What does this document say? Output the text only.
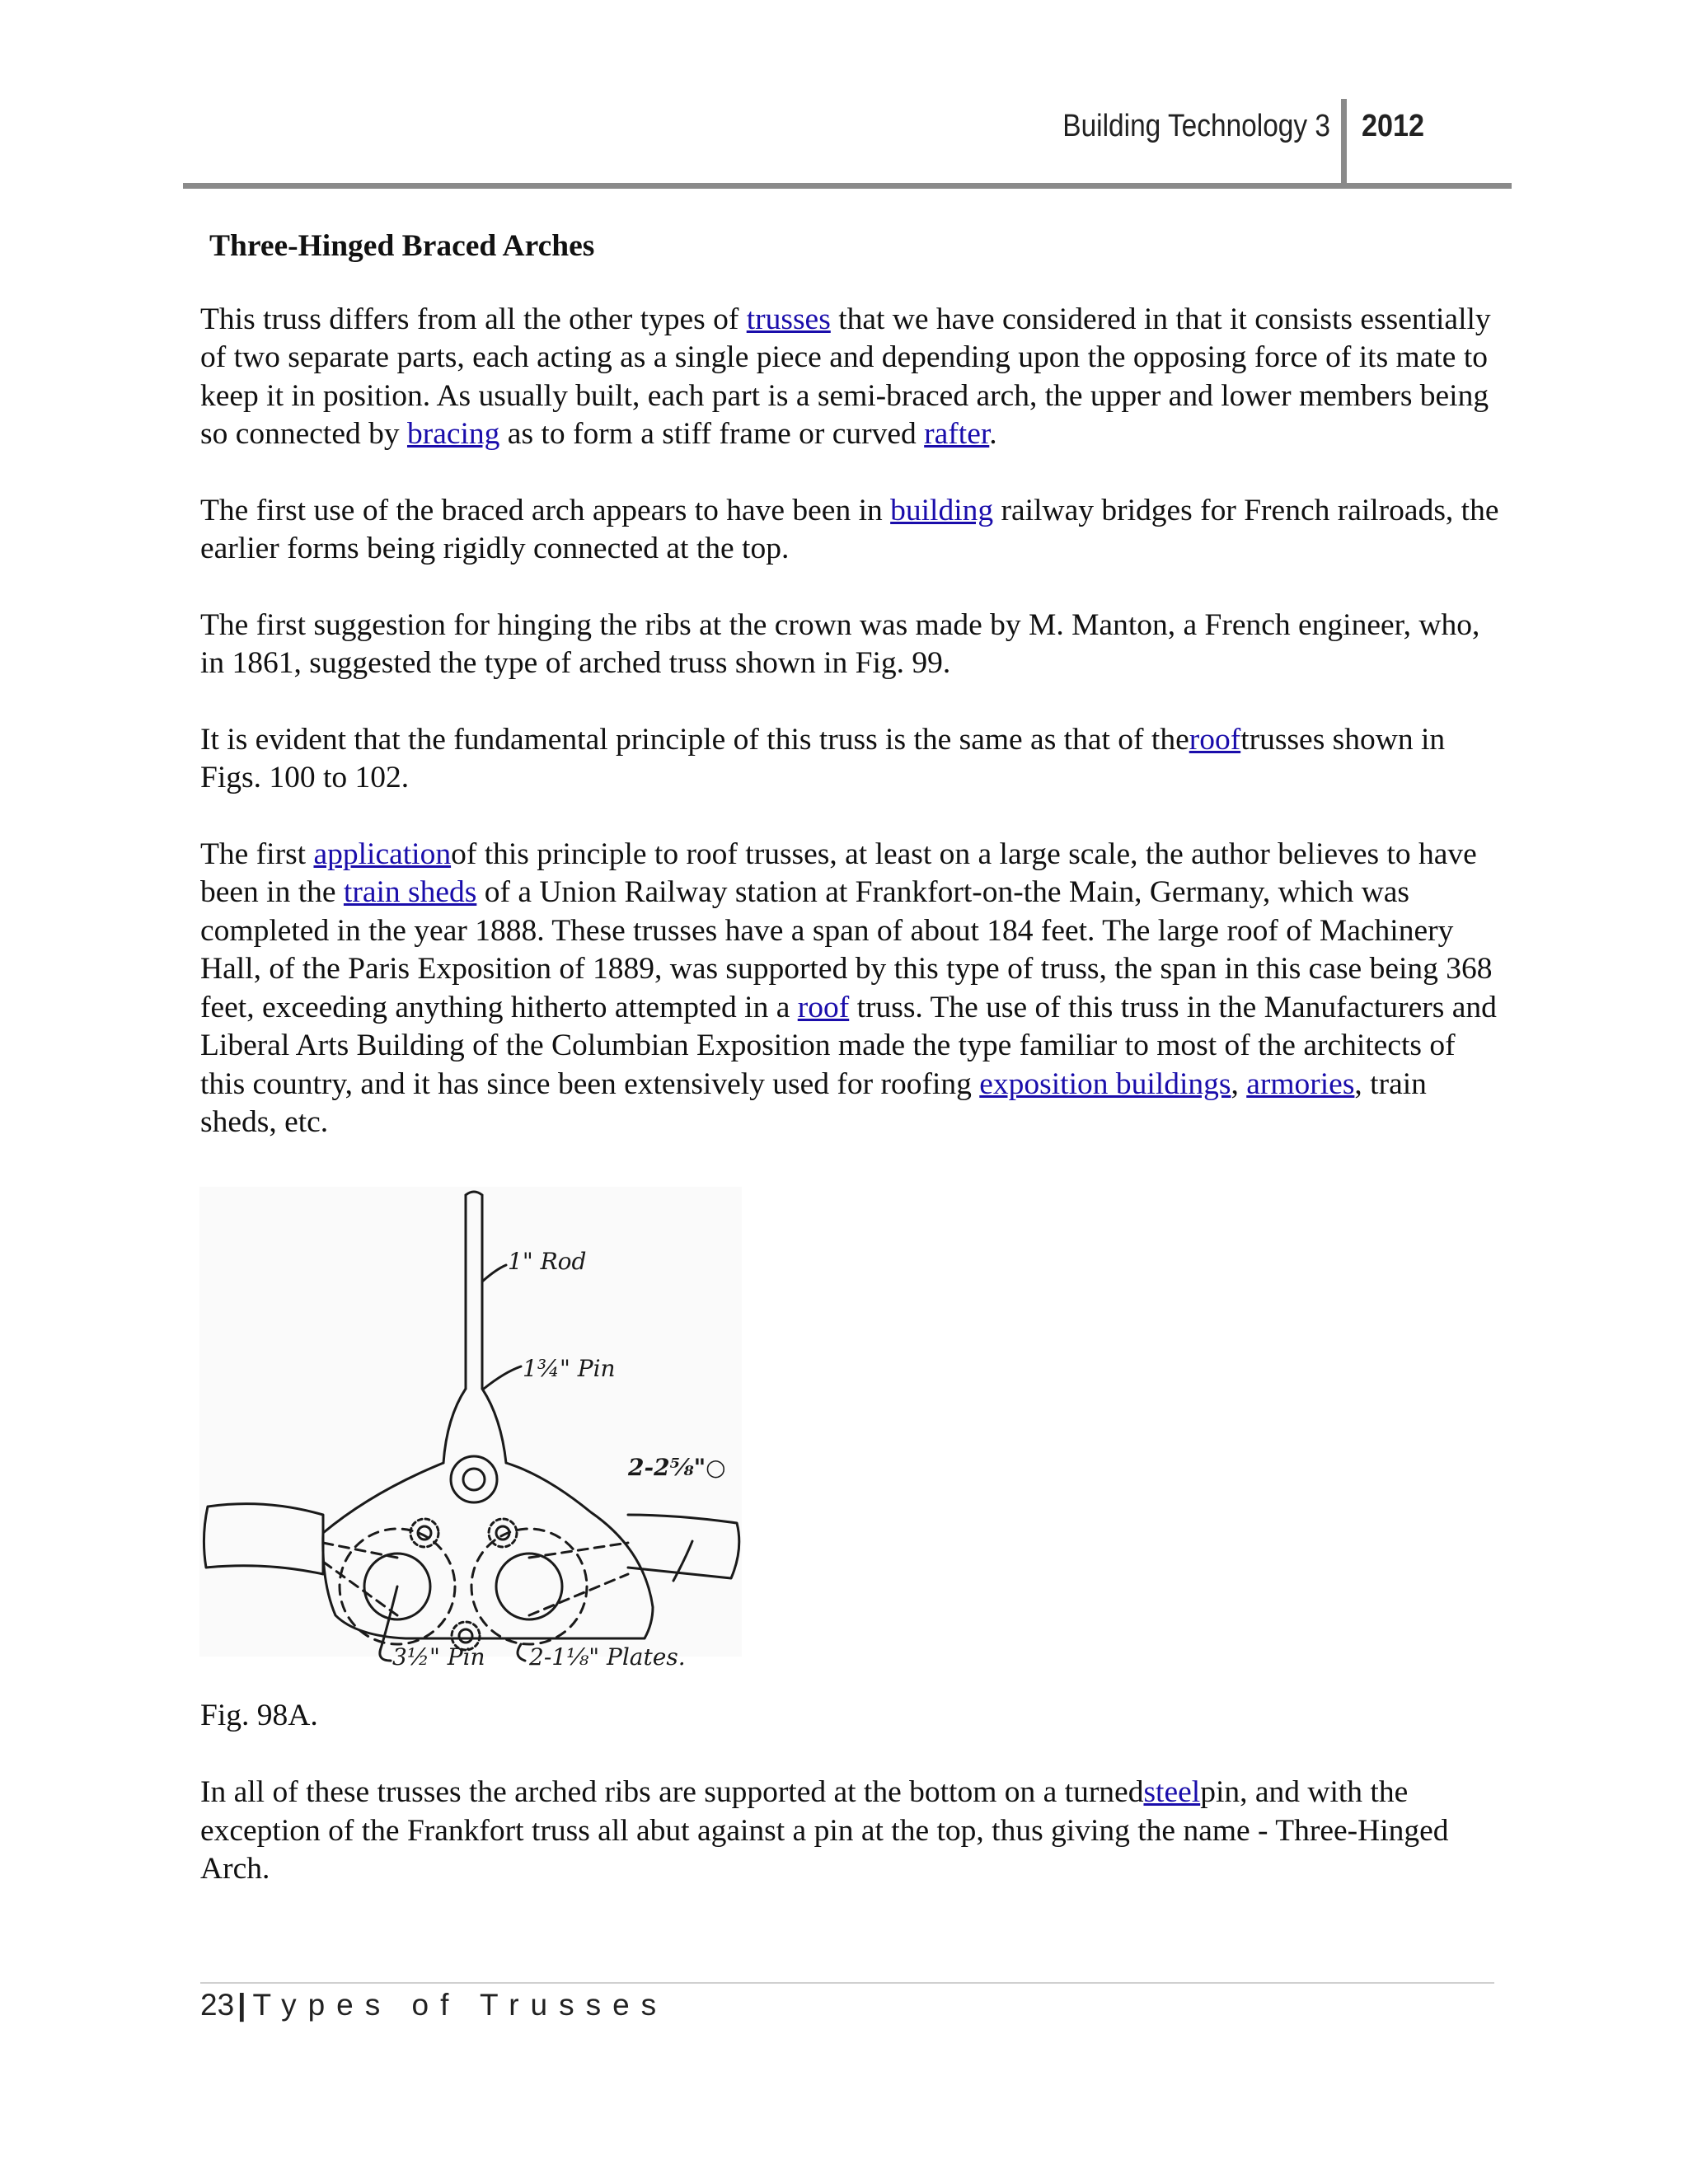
Building Technology 3 2012
Three-Hinged Braced Arches
This truss differs from all the other types of trusses that we have considered in that it consists essentially of two separate parts, each acting as a single piece and depending upon the opposing force of its mate to keep it in position. As usually built, each part is a semi-braced arch, the upper and lower members being so connected by bracing as to form a stiff frame or curved rafter.
The first use of the braced arch appears to have been in building railway bridges for French railroads, the earlier forms being rigidly connected at the top.
The first suggestion for hinging the ribs at the crown was made by M. Manton, a French engineer, who, in 1861, suggested the type of arched truss shown in Fig. 99.
It is evident that the fundamental principle of this truss is the same as that of therooftrusses shown in Figs. 100 to 102.
The first applicationof this principle to roof trusses, at least on a large scale, the author believes to have been in the train sheds of a Union Railway station at Frankfort-on-the Main, Germany, which was completed in the year 1888. These trusses have a span of about 184 feet. The large roof of Machinery Hall, of the Paris Exposition of 1889, was supported by this type of truss, the span in this case being 368 feet, exceeding anything hitherto attempted in a roof truss. The use of this truss in the Manufacturers and Liberal Arts Building of the Columbian Exposition made the type familiar to most of the architects of this country, and it has since been extensively used for roofing exposition buildings, armories, train sheds, etc.
1" Rod
1¾" Pin
2-2⅝"○
3½" Pin 2-1⅛" Plates.
Fig. 98A.
In all of these trusses the arched ribs are supported at the bottom on a turnedsteelpin, and with the exception of the Frankfort truss all abut against a pin at the top, thus giving the name - Three-Hinged Arch.
23 | Types of Trusses
